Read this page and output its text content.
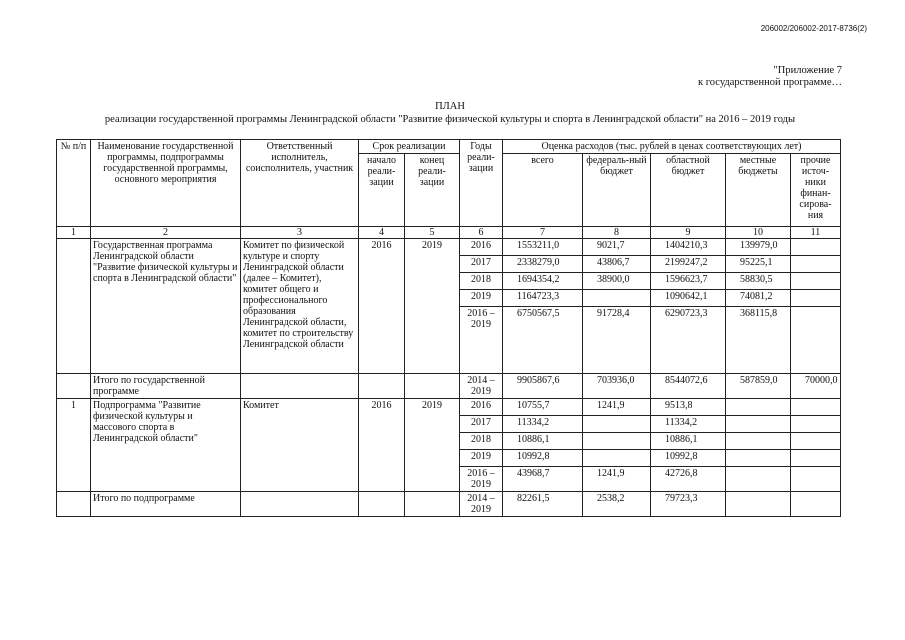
206002/206002-2017-8736(2)
"Приложение 7
к государственной программе…
ПЛАН
реализации государственной программы Ленинградской области "Развитие физической культуры и спорта в Ленинградской области" на 2016 – 2019 годы
№ п/п	Наименование государственной программы, подпрограммы государственной программы, основного мероприятия	Ответственный исполнитель, соисполнитель, участник	Срок реализации		Годы реали-зации	Оценка расходов (тыс. рублей в ценах соответствующих лет)				
			начало реали-зации	конец реали-зации		всего	федераль-ный бюджет	областной бюджет	местные бюджеты	прочие источ-ники финан-сирова-ния
1	2	3	4	5	6	7	8	9	10	11
	Государственная программа Ленинградской области "Развитие физической культуры и спорта в Ленинградской области"	Комитет по физической культуре и спорту Ленинградской области (далее – Комитет), комитет общего и профессионального образования Ленинградской области, комитет по строительству Ленинградской области	2016	2019	2016	1553211,0	9021,7	1404210,3	139979,0	
					2017	2338279,0	43806,7	2199247,2	95225,1	
					2018	1694354,2	38900,0	1596623,7	58830,5	
					2019	1164723,3		1090642,1	74081,2	
					2016 – 2019	6750567,5	91728,4	6290723,3	368115,8	
	Итого по государственной программе				2014 – 2019	9905867,6	703936,0	8544072,6	587859,0	70000,0
1	Подпрограмма "Развитие физической культуры и массового спорта в Ленинградской области"	Комитет	2016	2019	2016	10755,7	1241,9	9513,8		
					2017	11334,2		11334,2		
					2018	10886,1		10886,1		
					2019	10992,8		10992,8		
					2016 – 2019	43968,7	1241,9	42726,8		
	Итого по подпрограмме				2014 – 2019	82261,5	2538,2	79723,3		
